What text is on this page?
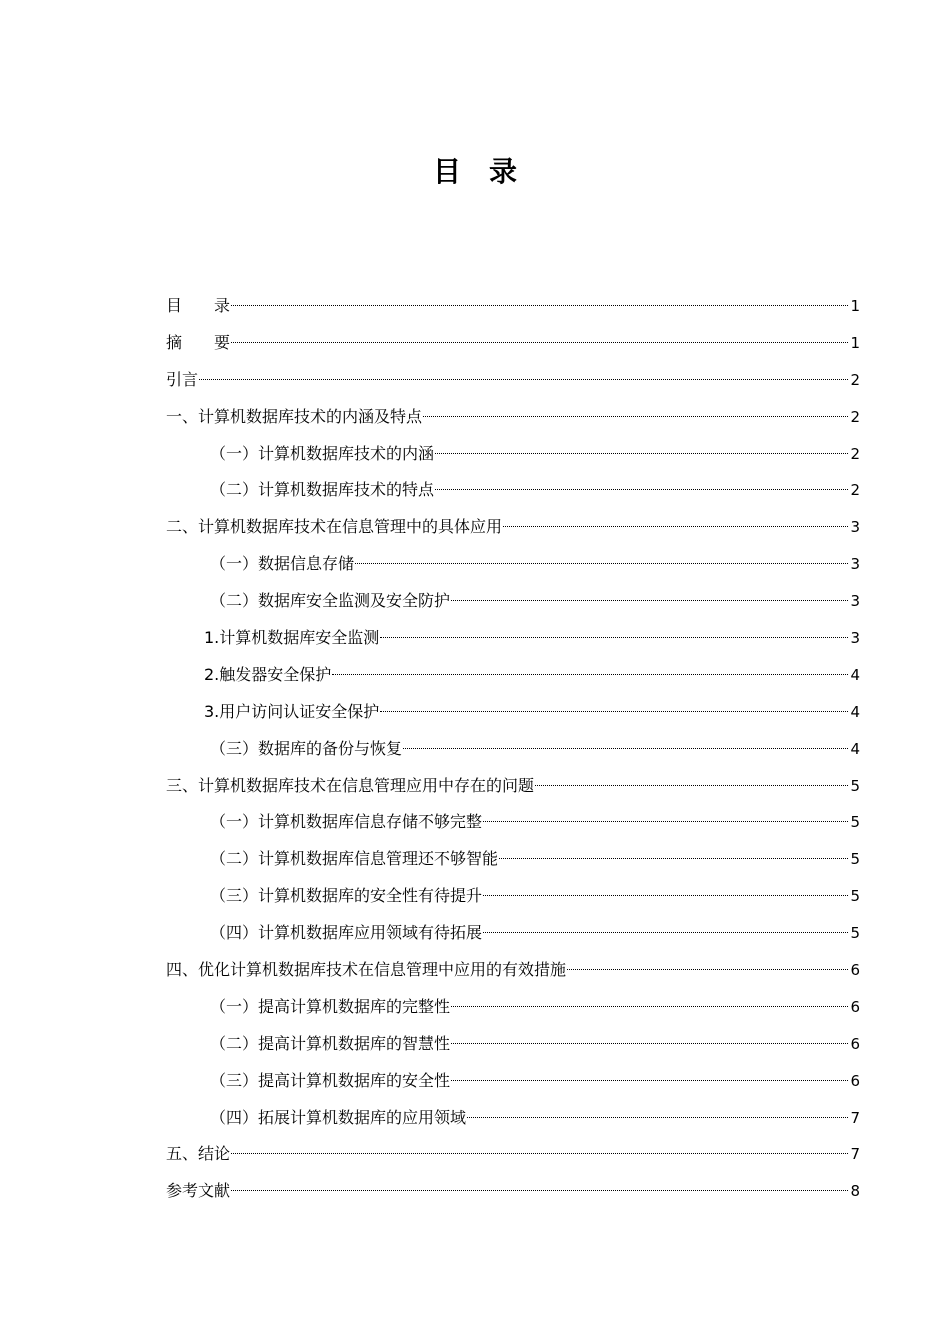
目　录
目　　录	1
摘　　要	1
引言	2
一、计算机数据库技术的内涵及特点	2
（一）计算机数据库技术的内涵	2
（二）计算机数据库技术的特点	2
二、计算机数据库技术在信息管理中的具体应用	3
（一）数据信息存储	3
（二）数据库安全监测及安全防护	3
1.计算机数据库安全监测	3
2.触发器安全保护	4
3.用户访问认证安全保护	4
（三）数据库的备份与恢复	4
三、计算机数据库技术在信息管理应用中存在的问题	5
（一）计算机数据库信息存储不够完整	5
（二）计算机数据库信息管理还不够智能	5
（三）计算机数据库的安全性有待提升	5
（四）计算机数据库应用领域有待拓展	5
四、优化计算机数据库技术在信息管理中应用的有效措施	6
（一）提高计算机数据库的完整性	6
（二）提高计算机数据库的智慧性	6
（三）提高计算机数据库的安全性	6
（四）拓展计算机数据库的应用领域	7
五、结论	7
参考文献	8
